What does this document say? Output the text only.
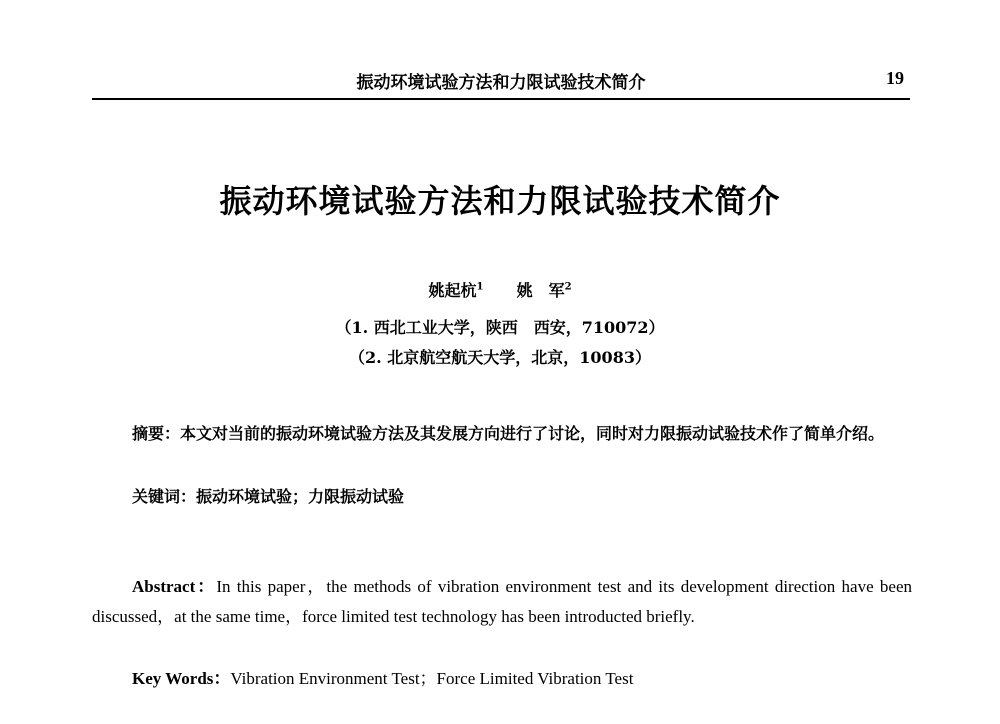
振动环境试验方法和力限试验技术简介	19
振动环境试验方法和力限试验技术简介
姚起杭$^1$ 姚　军$^2$
（1. 西北工业大学，陕西　西安，710072）
（2. 北京航空航天大学，北京，10083）
摘要：本文对当前的振动环境试验方法及其发展方向进行了讨论，同时对力限振动试验技术作了简单介绍。
关键词：振动环境试验；力限振动试验
Abstract：In this paper，the methods of vibration environment test and its development direction have been discussed，at the same time，force limited test technology has been introducted briefly.
Key Words：Vibration Environment Test；Force Limited Vibration Test
